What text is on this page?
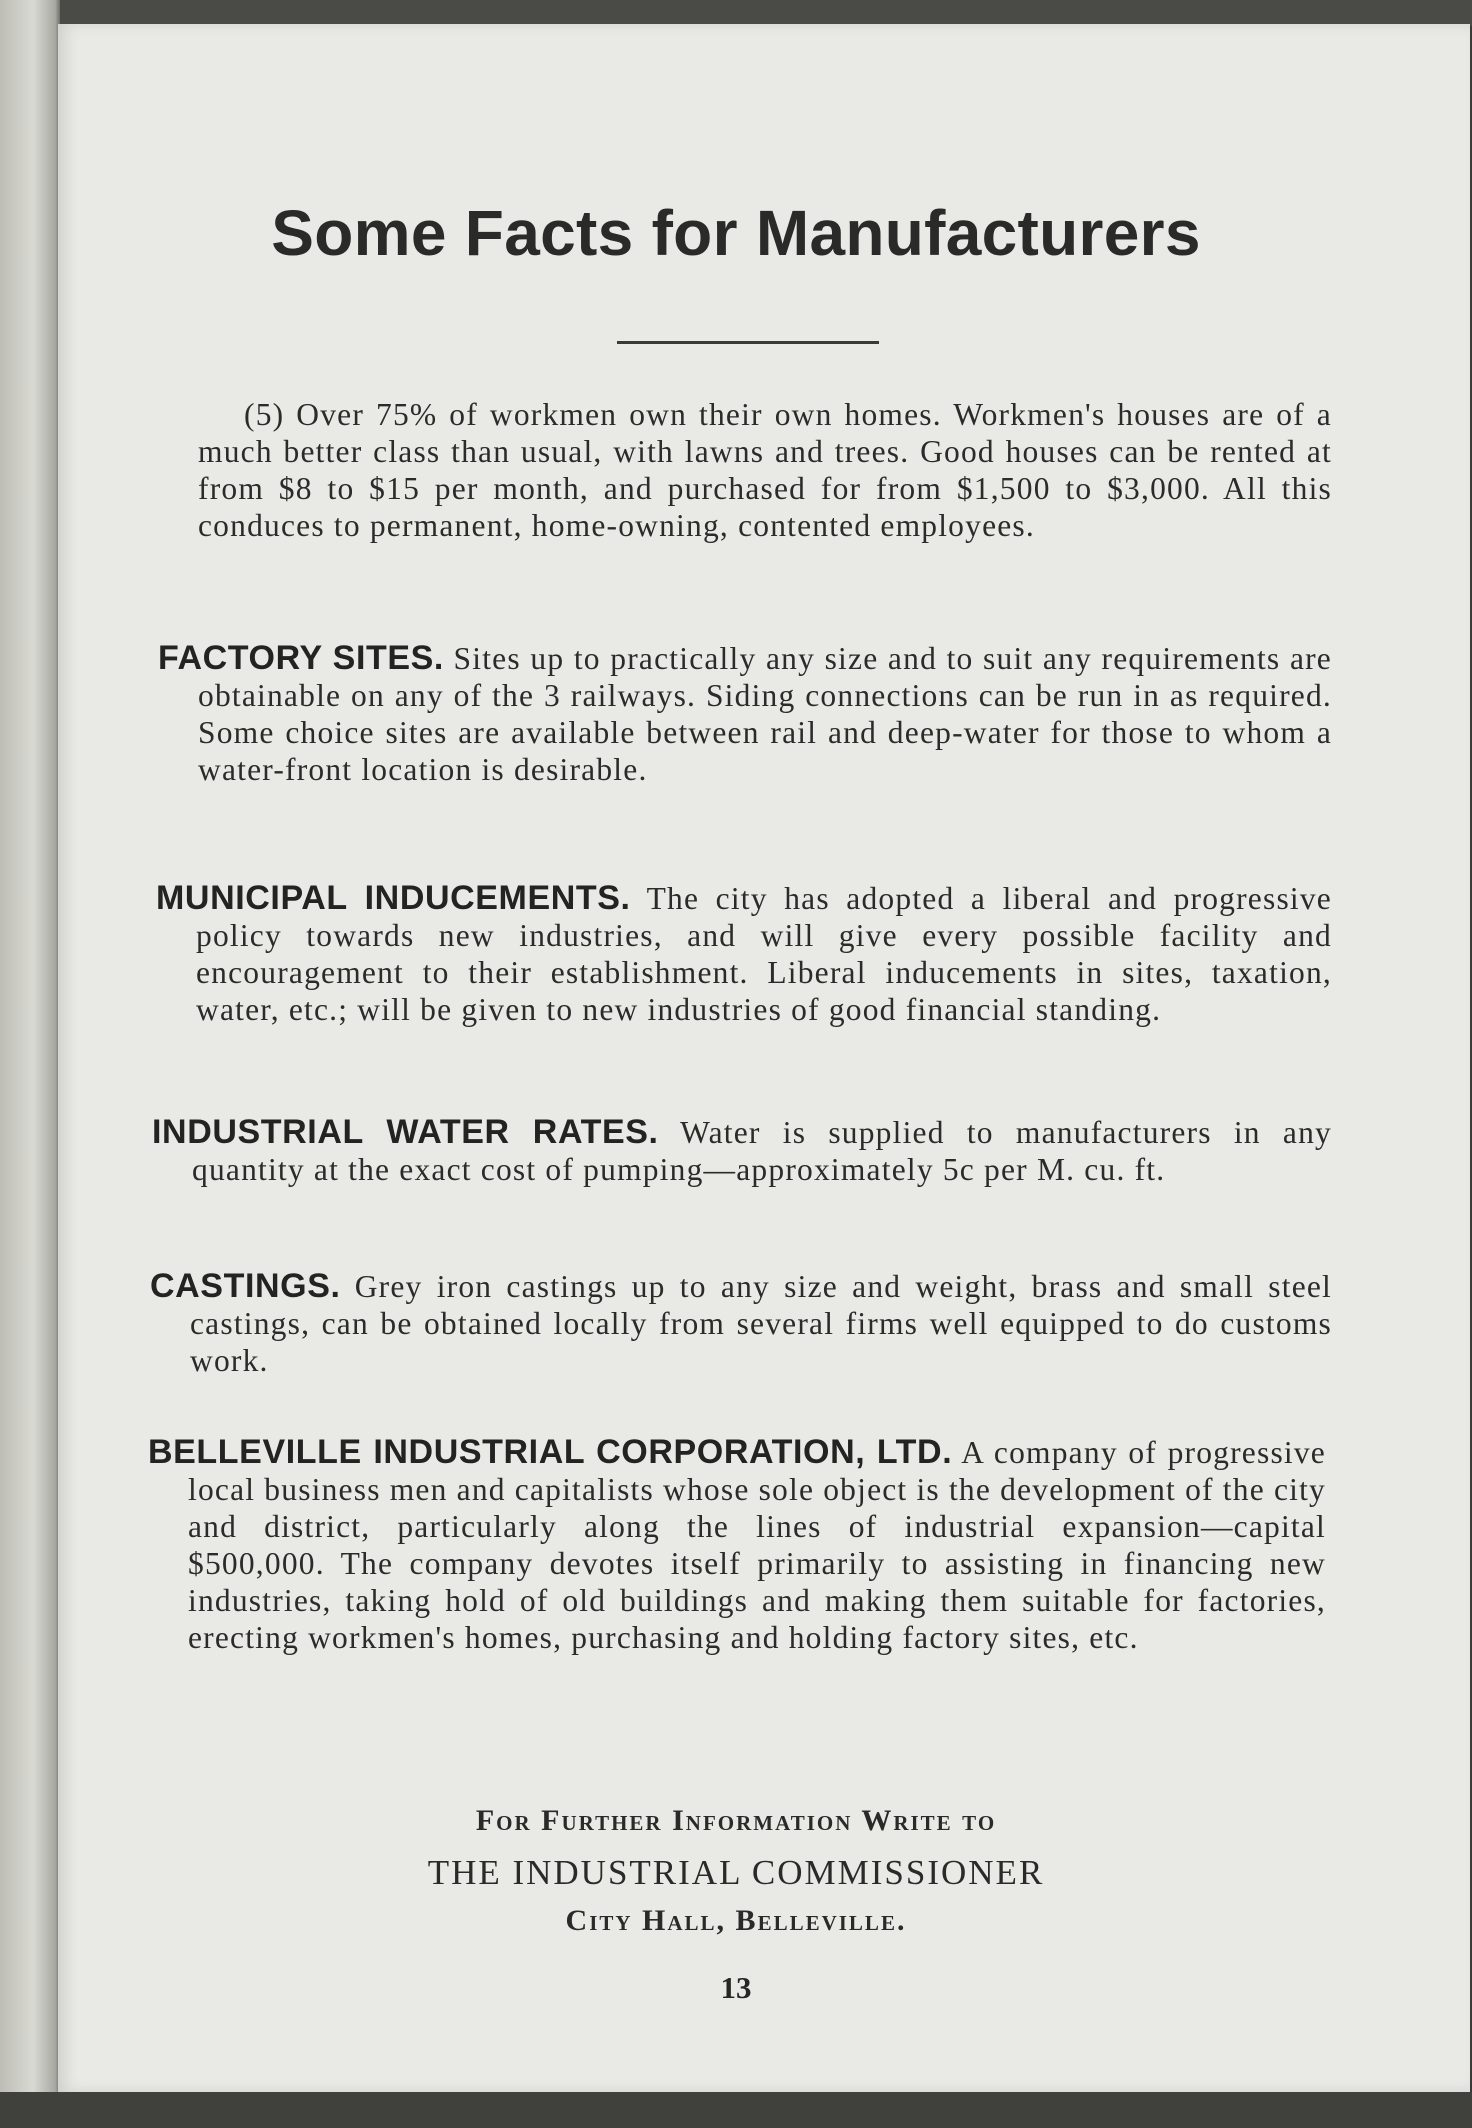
Some Facts for Manufacturers

(5) Over 75% of workmen own their own homes. Workmen's houses are of a much better class than usual, with lawns and trees. Good houses can be rented at from $8 to $15 per month, and purchased for from $1,500 to $3,000. All this conduces to permanent, home-owning, contented employees.

FACTORY SITES. Sites up to practically any size and to suit any requirements are obtainable on any of the 3 railways. Siding connections can be run in as required. Some choice sites are available between rail and deep-water for those to whom a water-front location is desirable.

MUNICIPAL INDUCEMENTS. The city has adopted a liberal and progressive policy towards new industries, and will give every possible facility and encouragement to their establishment. Liberal inducements in sites, taxation, water, etc.; will be given to new industries of good financial standing.

INDUSTRIAL WATER RATES. Water is supplied to manufacturers in any quantity at the exact cost of pumping—approximately 5c per M. cu. ft.

CASTINGS. Grey iron castings up to any size and weight, brass and small steel castings, can be obtained locally from several firms well equipped to do customs work.

BELLEVILLE INDUSTRIAL CORPORATION, LTD. A company of progressive local business men and capitalists whose sole object is the development of the city and district, particularly along the lines of industrial expansion—capital $500,000. The company devotes itself primarily to assisting in financing new industries, taking hold of old buildings and making them suitable for factories, erecting workmen's homes, purchasing and holding factory sites, etc.

For Further Information Write to

THE INDUSTRIAL COMMISSIONER

City Hall, Belleville.

13
